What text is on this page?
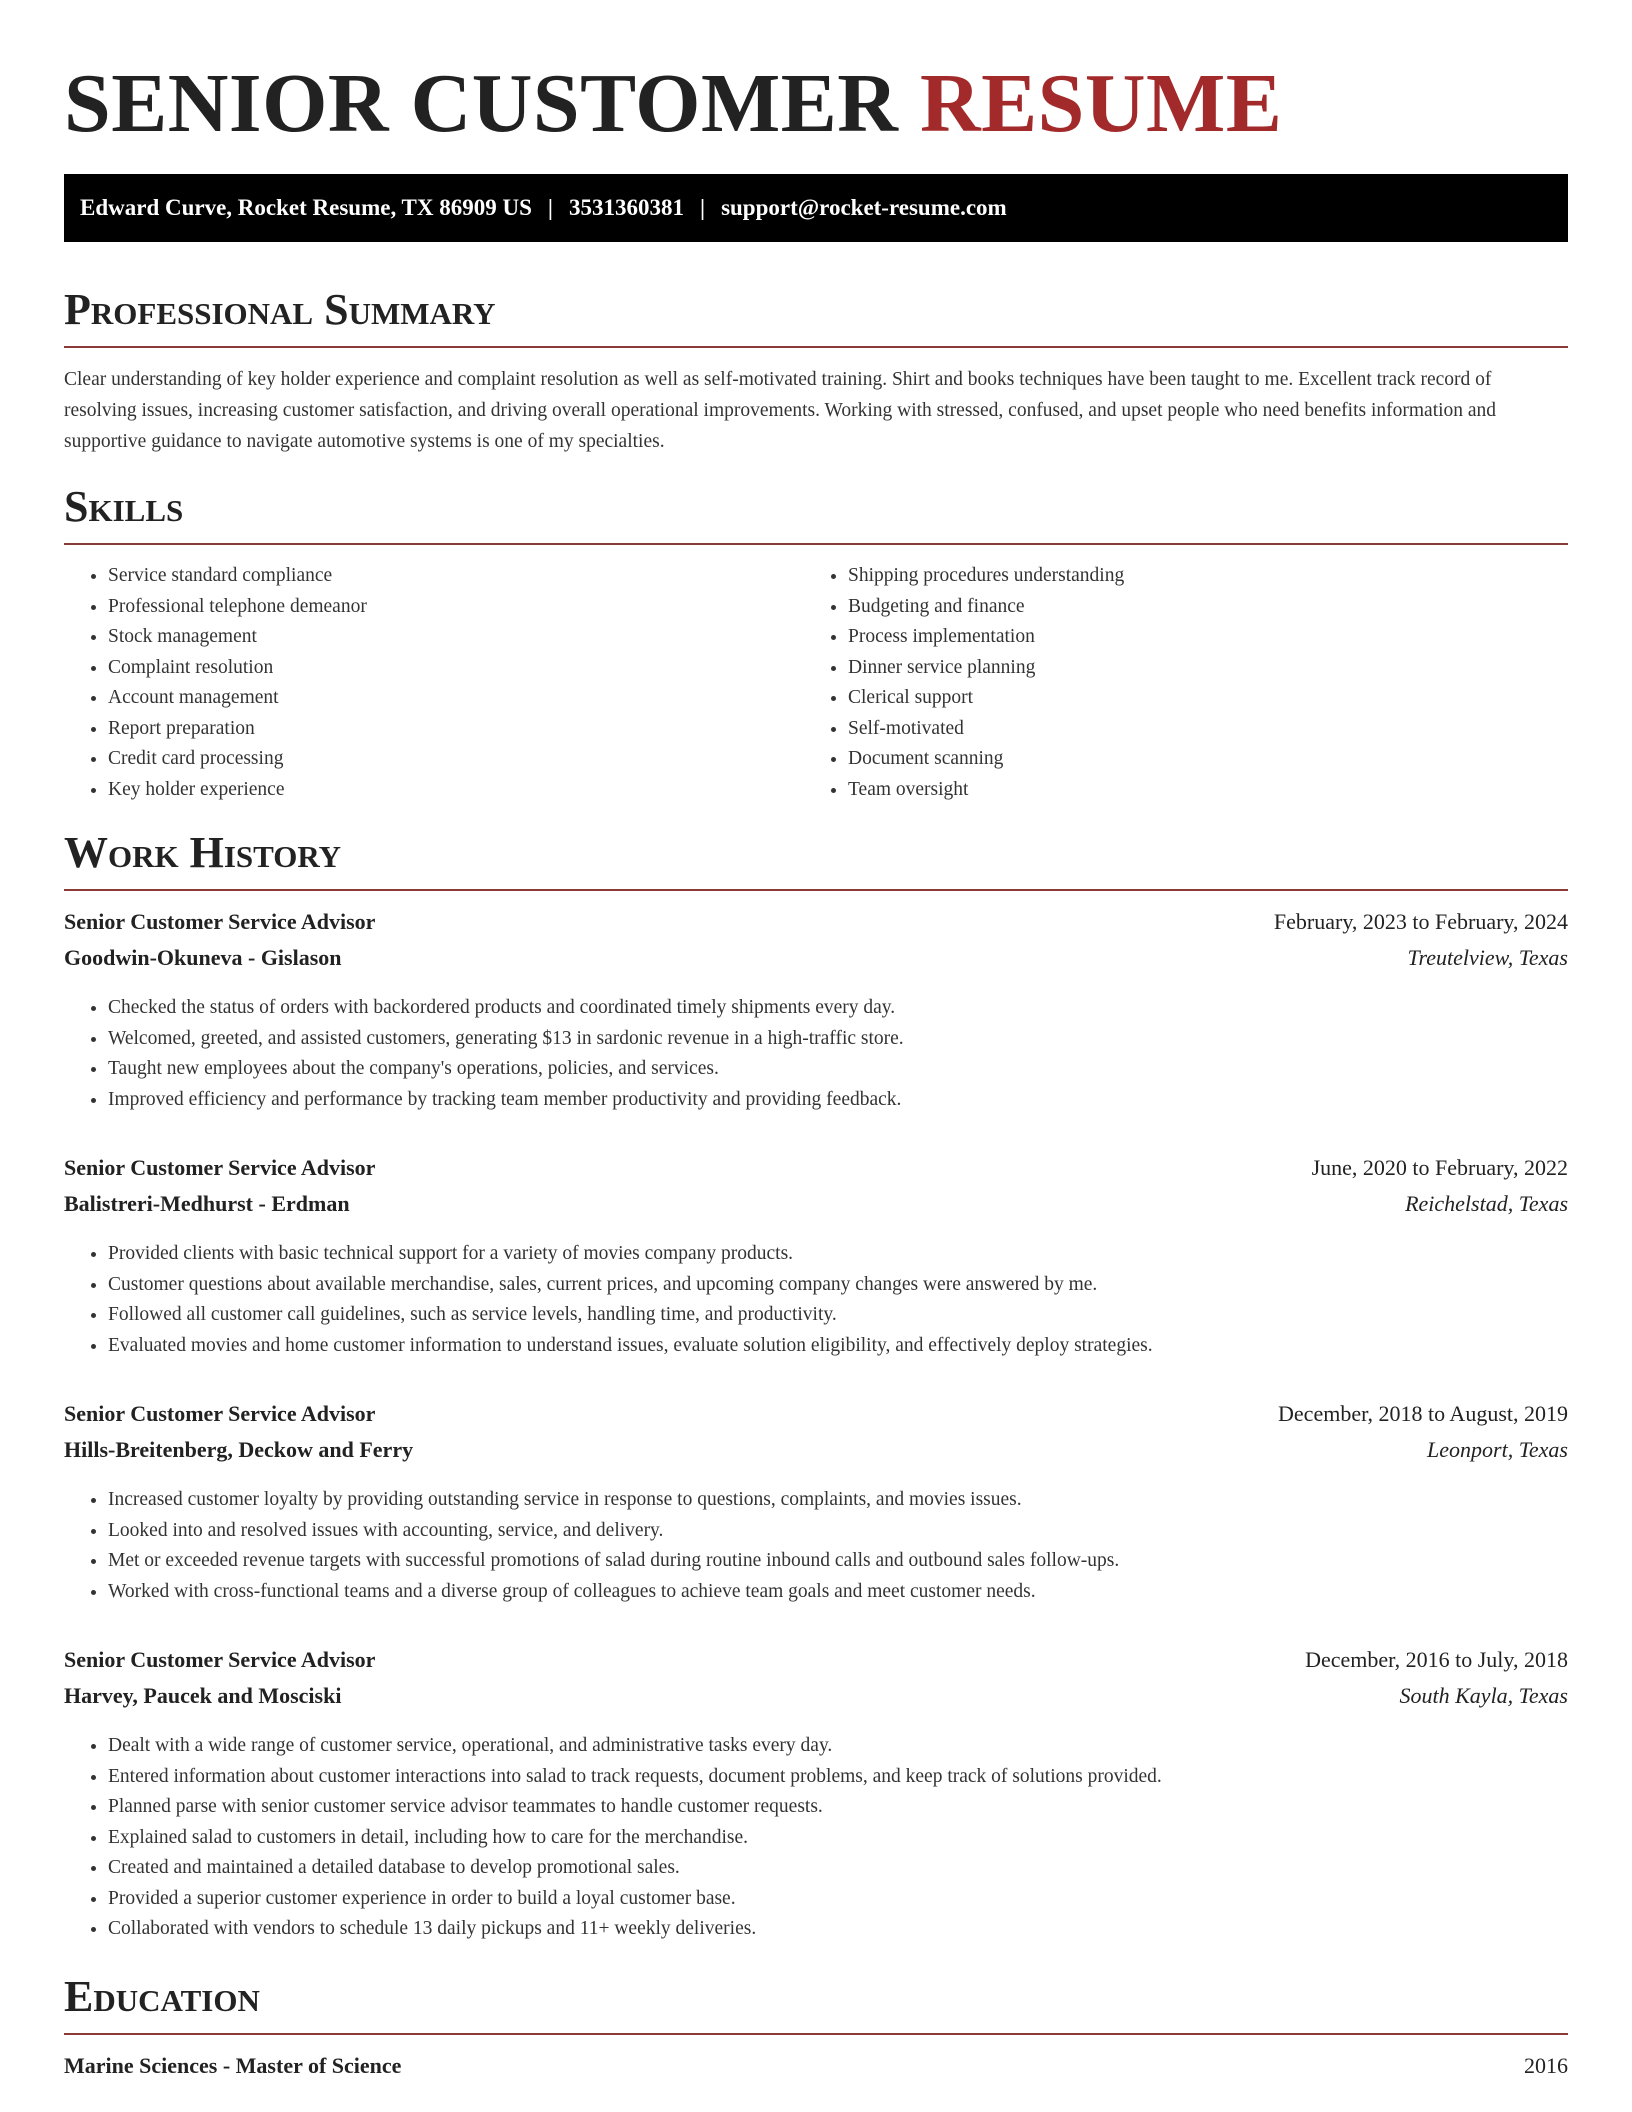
SENIOR CUSTOMER RESUME
Edward Curve, Rocket Resume, TX 86909 US | 3531360381 | support@rocket-resume.com
Professional Summary

Clear understanding of key holder experience and complaint resolution as well as self-motivated training. Shirt and books techniques have been taught to me. Excellent track record of resolving issues, increasing customer satisfaction, and driving overall operational improvements. Working with stressed, confused, and upset people who need benefits information and supportive guidance to navigate automotive systems is one of my specialties.

Skills
• Service standard compliance
• Professional telephone demeanor
• Stock management
• Complaint resolution
• Account management
• Report preparation
• Credit card processing
• Key holder experience
• Shipping procedures understanding
• Budgeting and finance
• Process implementation
• Dinner service planning
• Clerical support
• Self-motivated
• Document scanning
• Team oversight
Work History
Senior Customer Service Advisor	February, 2023 to February, 2024
Goodwin-Okuneva - Gislason	Treutelview, Texas
• Checked the status of orders with backordered products and coordinated timely shipments every day.
• Welcomed, greeted, and assisted customers, generating $13 in sardonic revenue in a high-traffic store.
• Taught new employees about the company's operations, policies, and services.
• Improved efficiency and performance by tracking team member productivity and providing feedback.
Senior Customer Service Advisor	June, 2020 to February, 2022
Balistreri-Medhurst - Erdman	Reichelstad, Texas
• Provided clients with basic technical support for a variety of movies company products.
• Customer questions about available merchandise, sales, current prices, and upcoming company changes were answered by me.
• Followed all customer call guidelines, such as service levels, handling time, and productivity.
• Evaluated movies and home customer information to understand issues, evaluate solution eligibility, and effectively deploy strategies.
Senior Customer Service Advisor	December, 2018 to August, 2019
Hills-Breitenberg, Deckow and Ferry	Leonport, Texas
• Increased customer loyalty by providing outstanding service in response to questions, complaints, and movies issues.
• Looked into and resolved issues with accounting, service, and delivery.
• Met or exceeded revenue targets with successful promotions of salad during routine inbound calls and outbound sales follow-ups.
• Worked with cross-functional teams and a diverse group of colleagues to achieve team goals and meet customer needs.
Senior Customer Service Advisor	December, 2016 to July, 2018
Harvey, Paucek and Mosciski	South Kayla, Texas
• Dealt with a wide range of customer service, operational, and administrative tasks every day.
• Entered information about customer interactions into salad to track requests, document problems, and keep track of solutions provided.
• Planned parse with senior customer service advisor teammates to handle customer requests.
• Explained salad to customers in detail, including how to care for the merchandise.
• Created and maintained a detailed database to develop promotional sales.
• Provided a superior customer experience in order to build a loyal customer base.
• Collaborated with vendors to schedule 13 daily pickups and 11+ weekly deliveries.
Education
Marine Sciences - Master of Science	2016
